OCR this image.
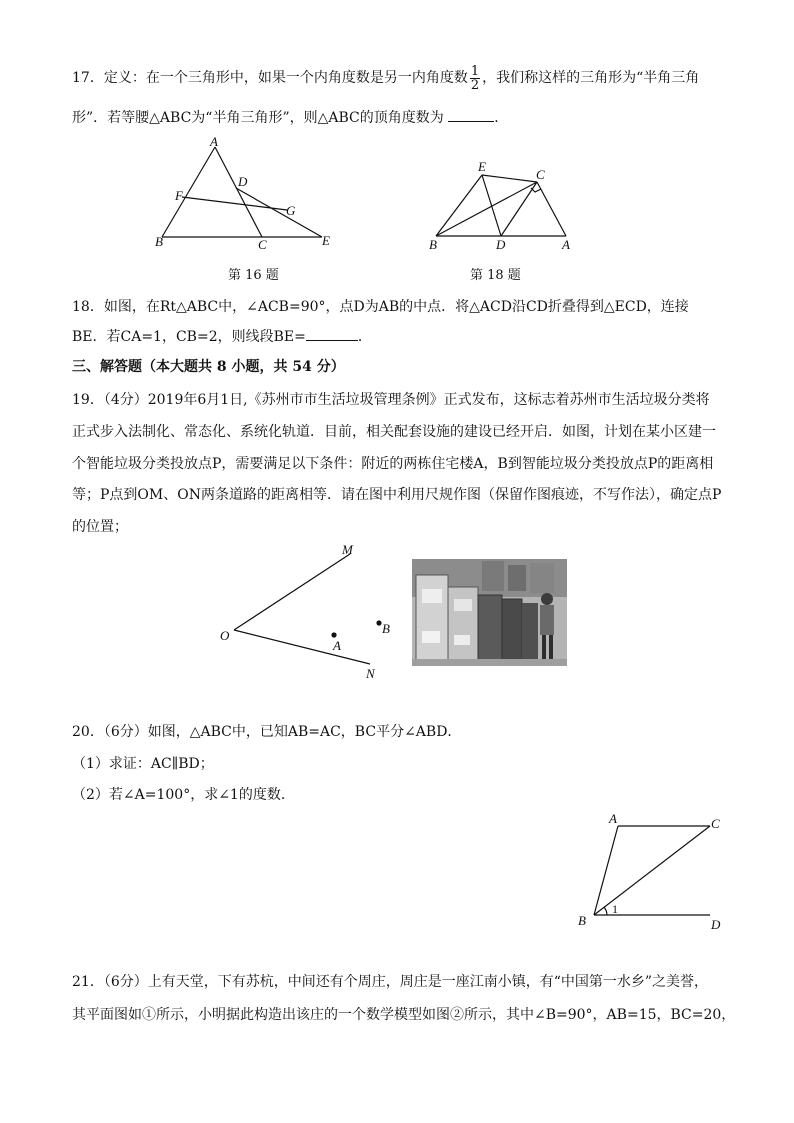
17．定义：在一个三角形中，如果一个内角度数是另一内角度数 $\frac{1}{2}$ ，我们称这样的三角形为“半角三角

形”．若等腰△ABC为“半角三角形”，则△ABC的顶角度数为	．

A
B	C
D
E
F
G
第 16 题
E
C
B	D	A
第 18 题

18．如图，在Rt△ABC中，∠ACB=90°，点D为AB的中点．将△ACD沿CD折叠得到△ECD，连接

BE．若CA=1，CB=2，则线段BE=	．

三、解答题（本大题共 8 小题，共 54 分）

19．（4分）2019年6月1日,《苏州市市生活垃圾管理条例》正式发布，这标志着苏州市生活垃圾分类将

正式步入法制化、常态化、系统化轨道．目前，相关配套设施的建设已经开启．如图，计划在某小区建一

个智能垃圾分类投放点P，需要满足以下条件：附近的两栋住宅楼A，B到智能垃圾分类投放点P的距离相

等；P点到OM、ON两条道路的距离相等．请在图中利用尺规作图（保留作图痕迹，不写作法），确定点P

的位置；

M
O
N
A
B

20．（6分）如图，△ABC中，已知AB=AC，BC平分∠ABD．

（1）求证：AC∥BD；

（2）若∠A=100°，求∠1的度数．

A	C
B	D
1

21．（6分）上有天堂，下有苏杭，中间还有个周庄，周庄是一座江南小镇，有“中国第一水乡”之美誉，

其平面图如①所示，小明据此构造出该庄的一个数学模型如图②所示，其中∠B=90°，AB=15，BC=20，
